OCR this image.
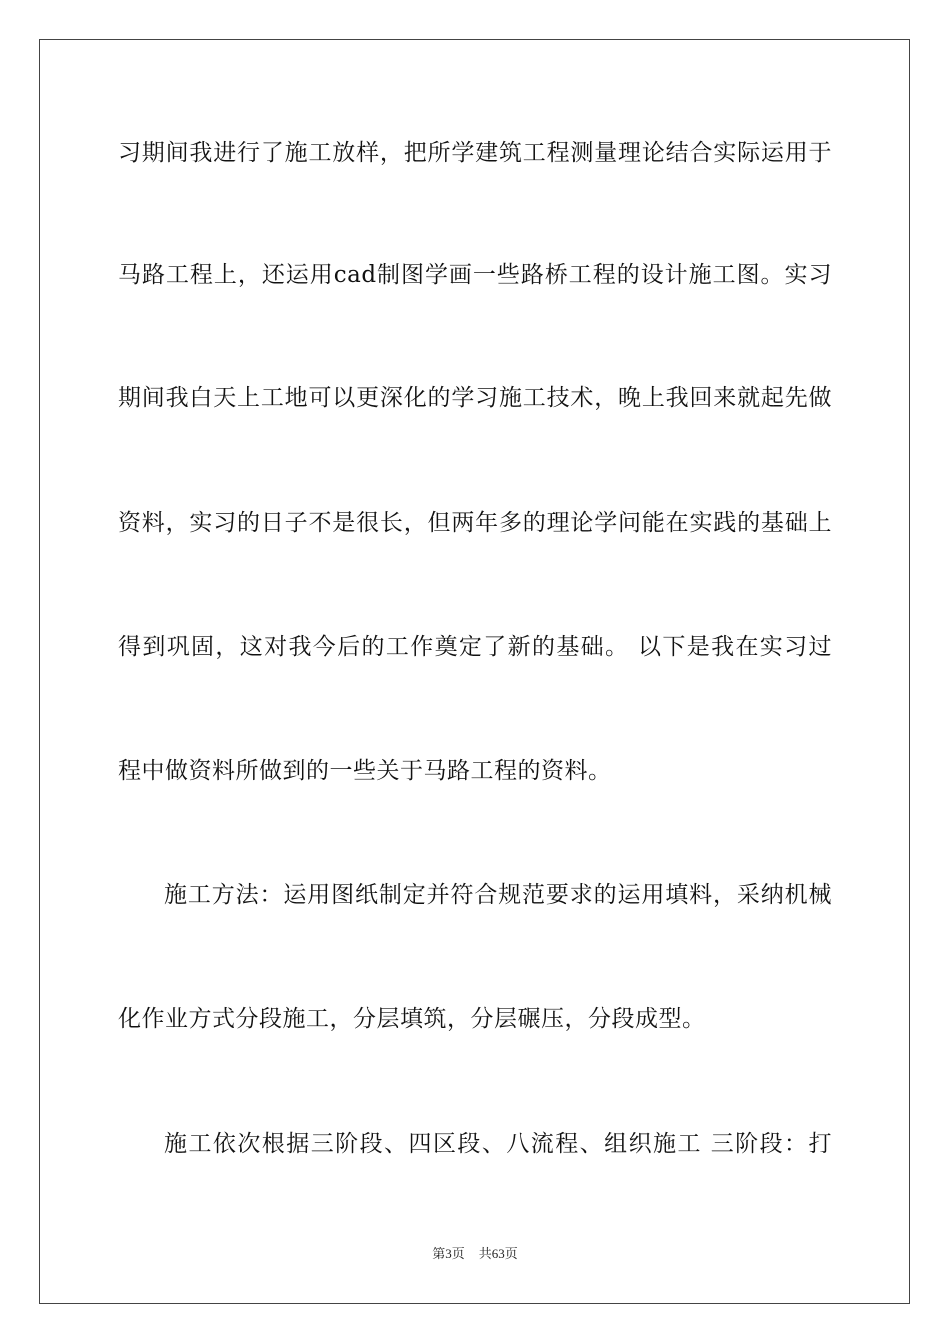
习期间我进行了施工放样，把所学建筑工程测量理论结合实际运用于
马路工程上，还运用cad制图学画一些路桥工程的设计施工图。实习
期间我白天上工地可以更深化的学习施工技术，晚上我回来就起先做
资料，实习的日子不是很长，但两年多的理论学问能在实践的基础上
得到巩固，这对我今后的工作奠定了新的基础。 以下是我在实习过
程中做资料所做到的一些关于马路工程的资料。
施工方法：运用图纸制定并符合规范要求的运用填料，采纳机械
化作业方式分段施工，分层填筑，分层碾压，分段成型。
施工依次根据三阶段、四区段、八流程、组织施工 三阶段：打
第3页 共63页
